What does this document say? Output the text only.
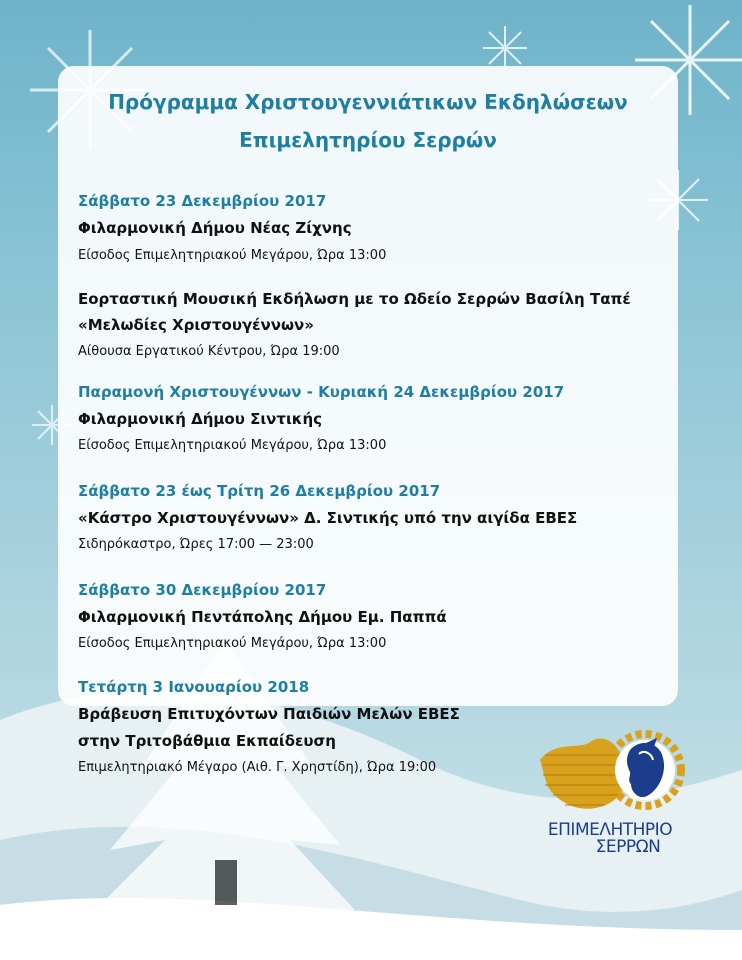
Πρόγραμμα Χριστουγεννιάτικων Εκδηλώσεων
Επιμελητηρίου Σερρών
Σάββατο 23 Δεκεμβρίου 2017
Φιλαρμονική Δήμου Νέας Ζίχνης
Είσοδος Επιμελητηριακού Μεγάρου, Ώρα 13:00
Εορταστική Μουσική Εκδήλωση με το Ωδείο Σερρών Βασίλη Ταπέ
«Μελωδίες Χριστουγέννων»
Αίθουσα Εργατικού Κέντρου, Ώρα 19:00
Παραμονή Χριστουγέννων - Κυριακή 24 Δεκεμβρίου 2017
Φιλαρμονική Δήμου Σιντικής
Είσοδος Επιμελητηριακού Μεγάρου, Ώρα 13:00
Σάββατο 23 έως Τρίτη 26 Δεκεμβρίου 2017
«Κάστρο Χριστουγέννων» Δ. Σιντικής υπό την αιγίδα ΕΒΕΣ
Σιδηρόκαστρο, Ώρες 17:00 — 23:00
Σάββατο 30 Δεκεμβρίου 2017
Φιλαρμονική Πεντάπολης Δήμου Εμ. Παππά
Είσοδος Επιμελητηριακού Μεγάρου, Ώρα 13:00
Τετάρτη 3 Ιανουαρίου 2018
Βράβευση Επιτυχόντων Παιδιών Μελών ΕΒΕΣ
στην Τριτοβάθμια Εκπαίδευση
Επιμελητηριακό Μέγαρο (Αιθ. Γ. Χρηστίδη), Ώρα 19:00
ΕΠΙΜΕΛΗΤΗΡΙΟ
ΣΕΡΡΩΝ
